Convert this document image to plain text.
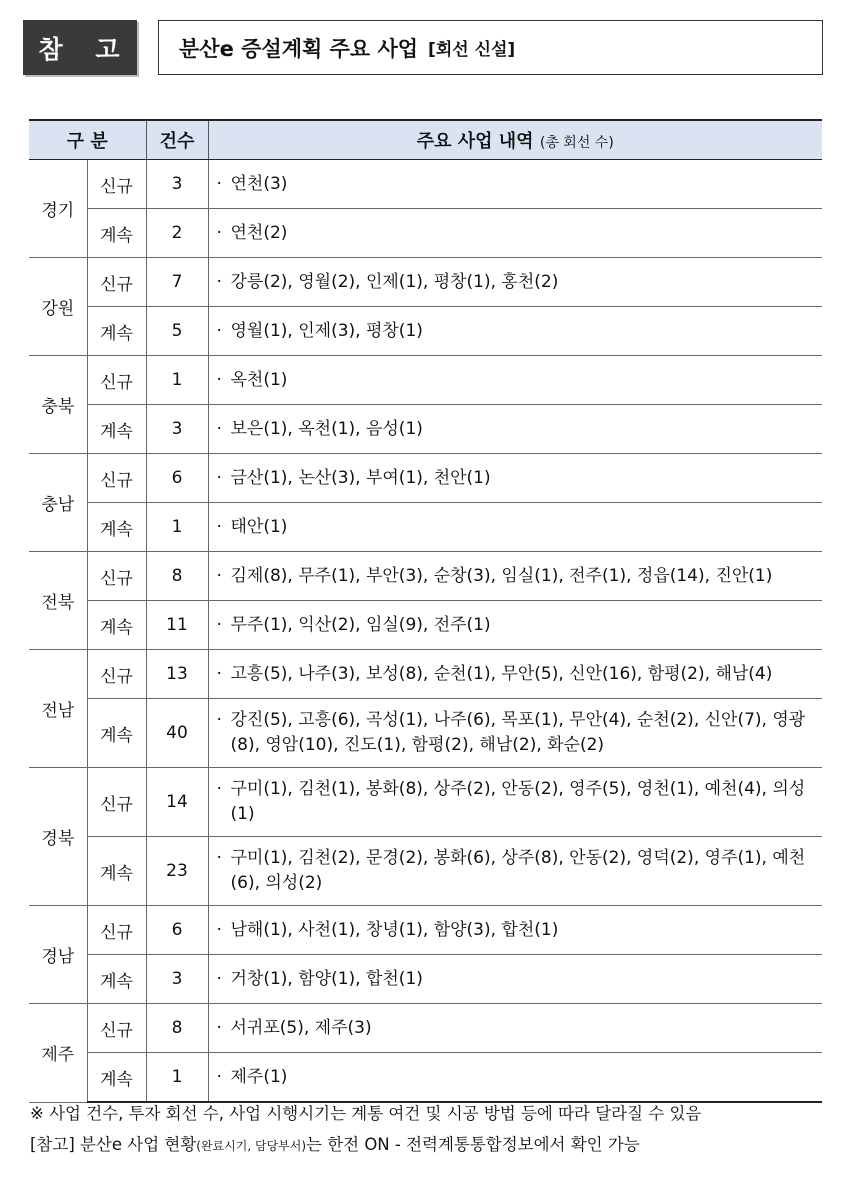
참 고 분산e 증설계획 주요 사업 [회선 신설]
구 분		건수	주요 사업 내역 (총 회선 수)
경기	신규	3	· 연천(3)

	계속	2	· 연천(2)

강원	신규	7	· 강릉(2), 영월(2), 인제(1), 평창(1), 홍천(2)

	계속	5	· 영월(1), 인제(3), 평창(1)

충북	신규	1	· 옥천(1)

	계속	3	· 보은(1), 옥천(1), 음성(1)

충남	신규	6	· 금산(1), 논산(3), 부여(1), 천안(1)

	계속	1	· 태안(1)

전북	신규	8	· 김제(8), 무주(1), 부안(3), 순창(3), 임실(1), 전주(1), 정읍(14), 진안(1)

	계속	11	· 무주(1), 익산(2), 임실(9), 전주(1)

전남	신규	13	· 고흥(5), 나주(3), 보성(8), 순천(1), 무안(5), 신안(16), 함평(2), 해남(4)

	계속	40	· 강진(5), 고흥(6), 곡성(1), 나주(6), 목포(1), 무안(4), 순천(2), 신안(7), 영광(8), 영암(10), 진도(1), 함평(2), 해남(2), 화순(2)

경북	신규	14	· 구미(1), 김천(1), 봉화(8), 상주(2), 안동(2), 영주(5), 영천(1), 예천(4), 의성(1)

	계속	23	· 구미(1), 김천(2), 문경(2), 봉화(6), 상주(8), 안동(2), 영덕(2), 영주(1), 예천(6), 의성(2)

경남	신규	6	· 남해(1), 사천(1), 창녕(1), 함양(3), 합천(1)

	계속	3	· 거창(1), 함양(1), 합천(1)

제주	신규	8	· 서귀포(5), 제주(3)

	계속	1	· 제주(1)
※ 사업 건수, 투자 회선 수, 사업 시행시기는 계통 여건 및 시공 방법 등에 따라 달라질 수 있음
[참고] 분산e 사업 현황(완료시기, 담당부서)는 한전 ON - 전력계통통합정보에서 확인 가능
